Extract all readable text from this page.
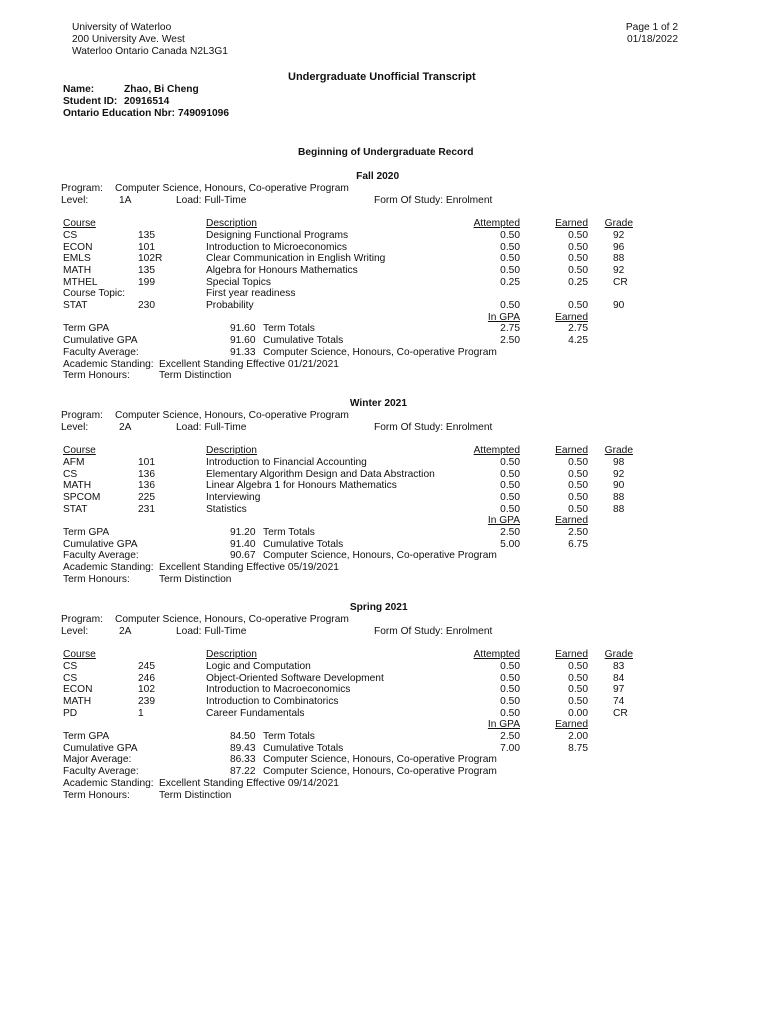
University of Waterloo
200 University Ave. West
Waterloo Ontario Canada N2L3G1
Page 1 of 2
01/18/2022
Undergraduate Unofficial Transcript
Name:	Zhao, Bi Cheng
Student ID: 20916514
Ontario Education Nbr: 749091096
Beginning of Undergraduate Record
Fall 2020
Program: Computer Science, Honours, Co-operative Program
Level:	1A	Load: Full-Time	Form Of Study: Enrolment
Course	Description	Attempted	Earned Grade
CS	135	Designing Functional Programs	0.50	0.50 92
ECON	101	Introduction to Microeconomics	0.50	0.50 96
EMLS	102R	Clear Communication in English Writing	0.50	0.50 88
MATH	135	Algebra for Honours Mathematics	0.50	0.50 92
MTHEL	199	Special Topics	0.25	0.25 CR
Course Topic:	First year readiness
STAT	230	Probability	0.50	0.50 90
In GPA	Earned
Term GPA	91.60 Term Totals	2.75	2.75
Cumulative GPA	91.60 Cumulative Totals	2.50	4.25
Faculty Average:	91.33 Computer Science, Honours, Co-operative Program
Academic Standing: Excellent Standing Effective 01/21/2021
Term Honours:	Term Distinction
Winter 2021
Program: Computer Science, Honours, Co-operative Program
Level:	2A	Load: Full-Time	Form Of Study: Enrolment
Course	Description	Attempted	Earned Grade
AFM	101	Introduction to Financial Accounting	0.50	0.50 98
CS	136	Elementary Algorithm Design and Data Abstraction	0.50	0.50 92
MATH	136	Linear Algebra 1 for Honours Mathematics	0.50	0.50 90
SPCOM	225	Interviewing	0.50	0.50 88
STAT	231	Statistics	0.50	0.50 88
In GPA	Earned
Term GPA	91.20 Term Totals	2.50	2.50
Cumulative GPA	91.40 Cumulative Totals	5.00	6.75
Faculty Average:	90.67 Computer Science, Honours, Co-operative Program
Academic Standing: Excellent Standing Effective 05/19/2021
Term Honours:	Term Distinction
Spring 2021
Program: Computer Science, Honours, Co-operative Program
Level:	2A	Load: Full-Time	Form Of Study: Enrolment
Course	Description	Attempted	Earned Grade
CS	245	Logic and Computation	0.50	0.50 83
CS	246	Object-Oriented Software Development	0.50	0.50 84
ECON	102	Introduction to Macroeconomics	0.50	0.50 97
MATH	239	Introduction to Combinatorics	0.50	0.50 74
PD	1	Career Fundamentals	0.50	0.00 CR
In GPA	Earned
Term GPA	84.50 Term Totals	2.50	2.00
Cumulative GPA	89.43 Cumulative Totals	7.00	8.75
Major Average:	86.33 Computer Science, Honours, Co-operative Program
Faculty Average:	87.22 Computer Science, Honours, Co-operative Program
Academic Standing: Excellent Standing Effective 09/14/2021
Term Honours:	Term Distinction
